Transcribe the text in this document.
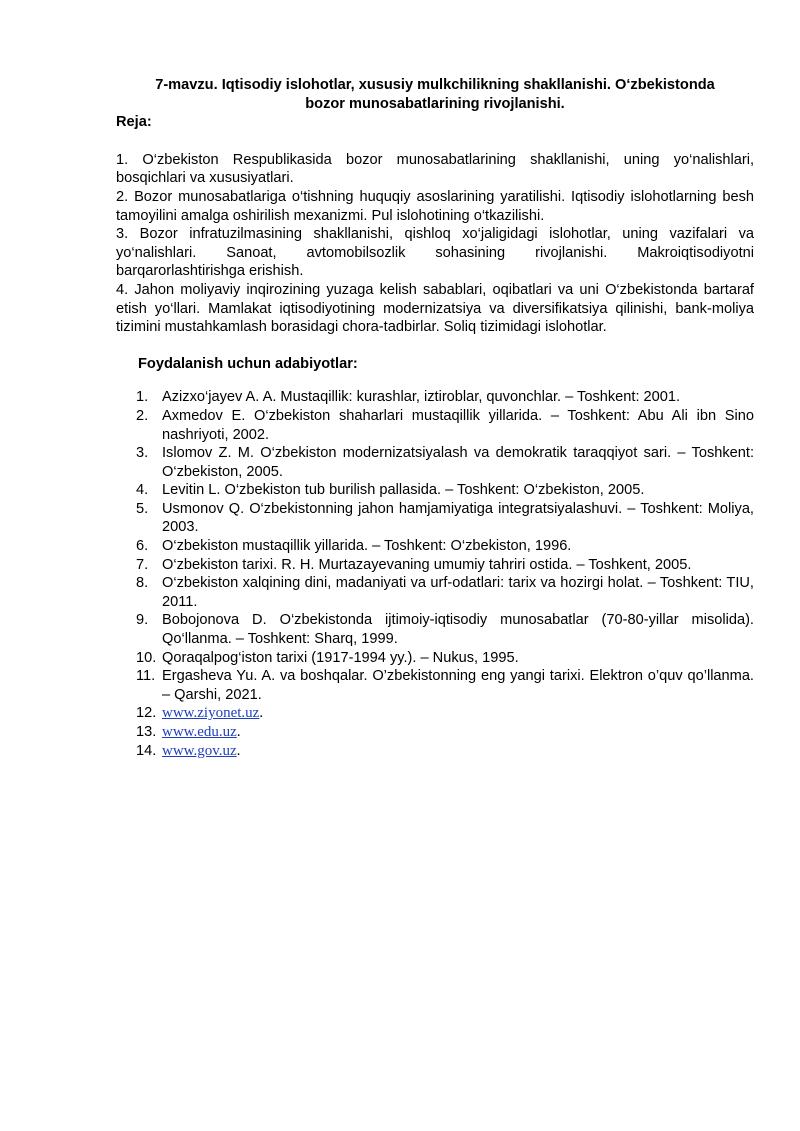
7-mavzu. Iqtisodiy islohotlar, xususiy mulkchilikning shakllanishi. O‘zbekistonda

bozor munosabatlarining rivojlanishi.

Reja:

1. O‘zbekiston Respublikasida bozor munosabatlarining shakllanishi, uning yo‘nalishlari, bosqichlari va xususiyatlari.

2. Bozor munosabatlariga o‘tishning huquqiy asoslarining yaratilishi. Iqtisodiy islohotlarning besh tamoyilini amalga oshirilish mexanizmi. Pul islohotining o‘tkazilishi.

3. Bozor infratuzilmasining shakllanishi, qishloq xo‘jaligidagi islohotlar, uning vazifalari va yo‘nalishlari. Sanoat, avtomobilsozlik sohasining rivojlanishi. Makroiqtisodiyotni barqarorlashtirishga erishish.

4. Jahon moliyaviy inqirozining yuzaga kelish sabablari, oqibatlari va uni O‘zbekistonda bartaraf etish yo‘llari. Mamlakat iqtisodiyotining modernizatsiya va diversifikatsiya qilinishi, bank-moliya tizimini mustahkamlash borasidagi chora-tadbirlar. Soliq tizimidagi islohotlar.

Foydalanish uchun adabiyotlar:

1. Azizxo‘jayev A. A. Mustaqillik: kurashlar, iztiroblar, quvonchlar. – Toshkent: 2001.
2. Axmedov E. O‘zbekiston shaharlari mustaqillik yillarida. – Toshkent: Abu Ali ibn Sino nashriyoti, 2002.
3. Islomov Z. M. O‘zbekiston modernizatsiyalash va demokratik taraqqiyot sari. – Toshkent: O‘zbekiston, 2005.
4. Levitin L. O‘zbekiston tub burilish pallasida. – Toshkent: O‘zbekiston, 2005.
5. Usmonov Q. O‘zbekistonning jahon hamjamiyatiga integratsiyalashuvi. – Toshkent: Moliya, 2003.
6. O‘zbekiston mustaqillik yillarida. – Toshkent: O‘zbekiston, 1996.
7. O‘zbekiston tarixi. R. H. Murtazayevaning umumiy tahriri ostida. – Toshkent, 2005.
8. O‘zbekiston xalqining dini, madaniyati va urf-odatlari: tarix va hozirgi holat. – Toshkent: TIU, 2011.
9. Bobojonova D. O‘zbekistonda ijtimoiy-iqtisodiy munosabatlar (70-80-yillar misolida). Qo‘llanma. – Toshkent: Sharq, 1999.
10. Qoraqalpog‘iston tarixi (1917-1994 yy.). – Nukus, 1995.
11. Ergasheva Yu. A. va boshqalar. O’zbekistonning eng yangi tarixi. Elektron o’quv qo’llanma. – Qarshi, 2021.
12. www.ziyonet.uz.
13. www.edu.uz.
14. www.gov.uz.
